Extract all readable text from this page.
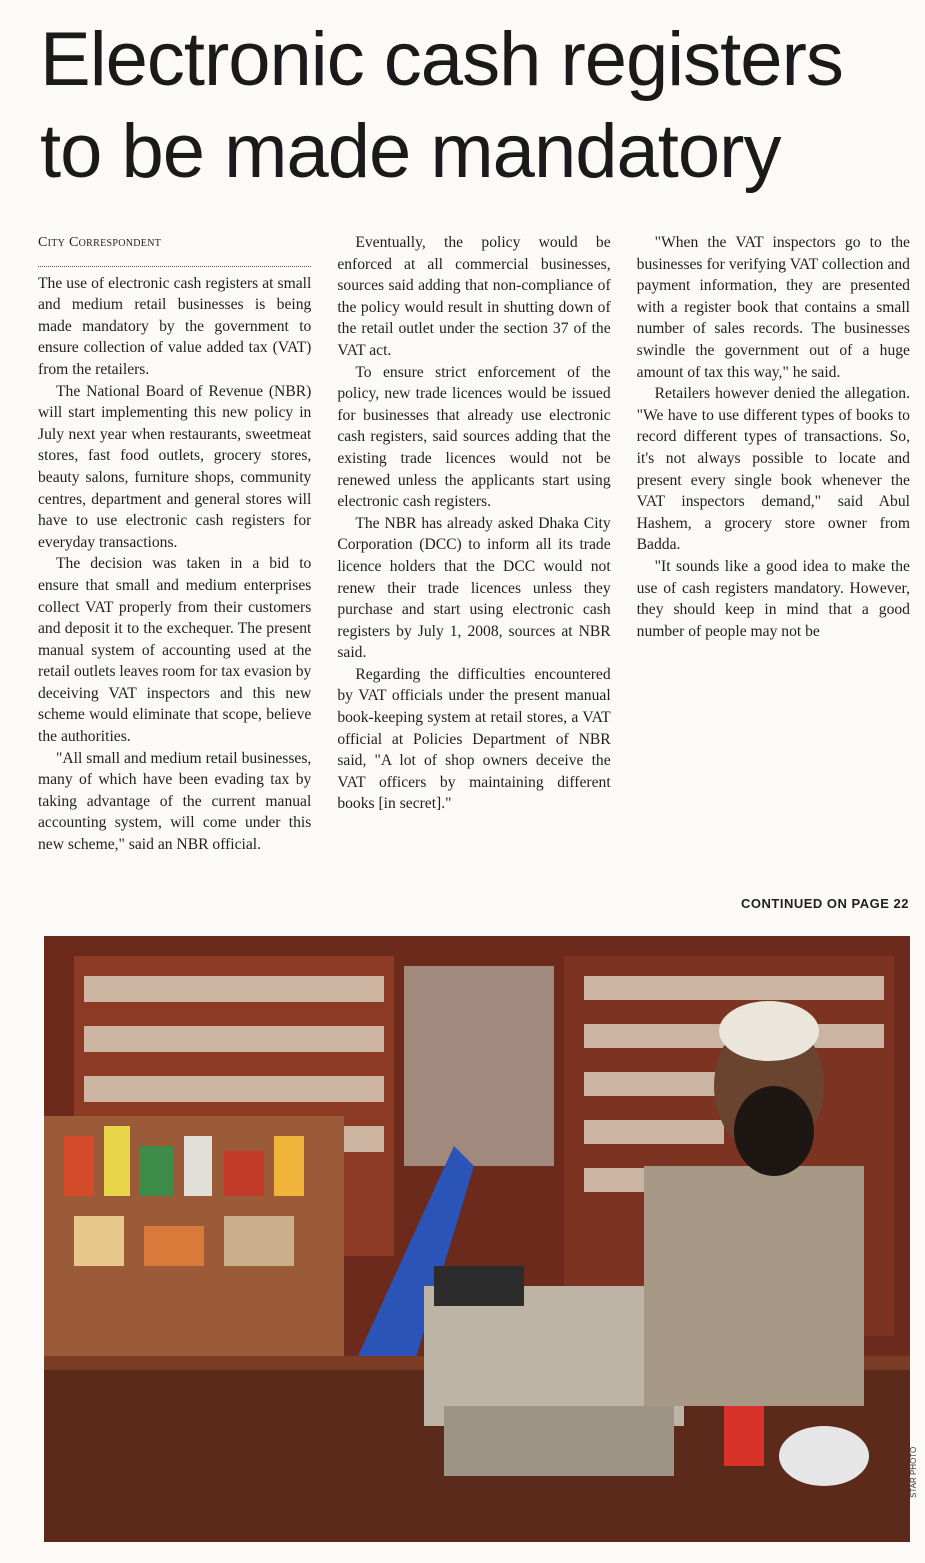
Electronic cash registers to be made mandatory
City Correspondent

The use of electronic cash registers at small and medium retail businesses is being made mandatory by the government to ensure collection of value added tax (VAT) from the retailers.

The National Board of Revenue (NBR) will start implementing this new policy in July next year when restaurants, sweetmeat stores, fast food outlets, grocery stores, beauty salons, furniture shops, community centres, department and general stores will have to use electronic cash registers for everyday transactions.

The decision was taken in a bid to ensure that small and medium enterprises collect VAT properly from their customers and deposit it to the exchequer. The present manual system of accounting used at the retail outlets leaves room for tax evasion by deceiving VAT inspectors and this new scheme would eliminate that scope, believe the authorities.

"All small and medium retail businesses, many of which have been evading tax by taking advantage of the current manual accounting system, will come under this new scheme," said an NBR official.

Eventually, the policy would be enforced at all commercial businesses, sources said adding that non-compliance of the policy would result in shutting down of the retail outlet under the section 37 of the VAT act.

To ensure strict enforcement of the policy, new trade licences would be issued for businesses that already use electronic cash registers, said sources adding that the existing trade licences would not be renewed unless the applicants start using electronic cash registers.

The NBR has already asked Dhaka City Corporation (DCC) to inform all its trade licence holders that the DCC would not renew their trade licences unless they purchase and start using electronic cash registers by July 1, 2008, sources at NBR said.

Regarding the difficulties encountered by VAT officials under the present manual book-keeping system at retail stores, a VAT official at Policies Department of NBR said, "A lot of shop owners deceive the VAT officers by maintaining different books [in secret]."

"When the VAT inspectors go to the businesses for verifying VAT collection and payment information, they are presented with a register book that contains a small number of sales records. The businesses swindle the government out of a huge amount of tax this way," he said.

Retailers however denied the allegation. "We have to use different types of books to record different types of transactions. So, it's not always possible to locate and present every single book whenever the VAT inspectors demand," said Abul Hashem, a grocery store owner from Badda.

"It sounds like a good idea to make the use of cash registers mandatory. However, they should keep in mind that a good number of people may not be

CONTINUED ON PAGE 22
STAR PHOTO
